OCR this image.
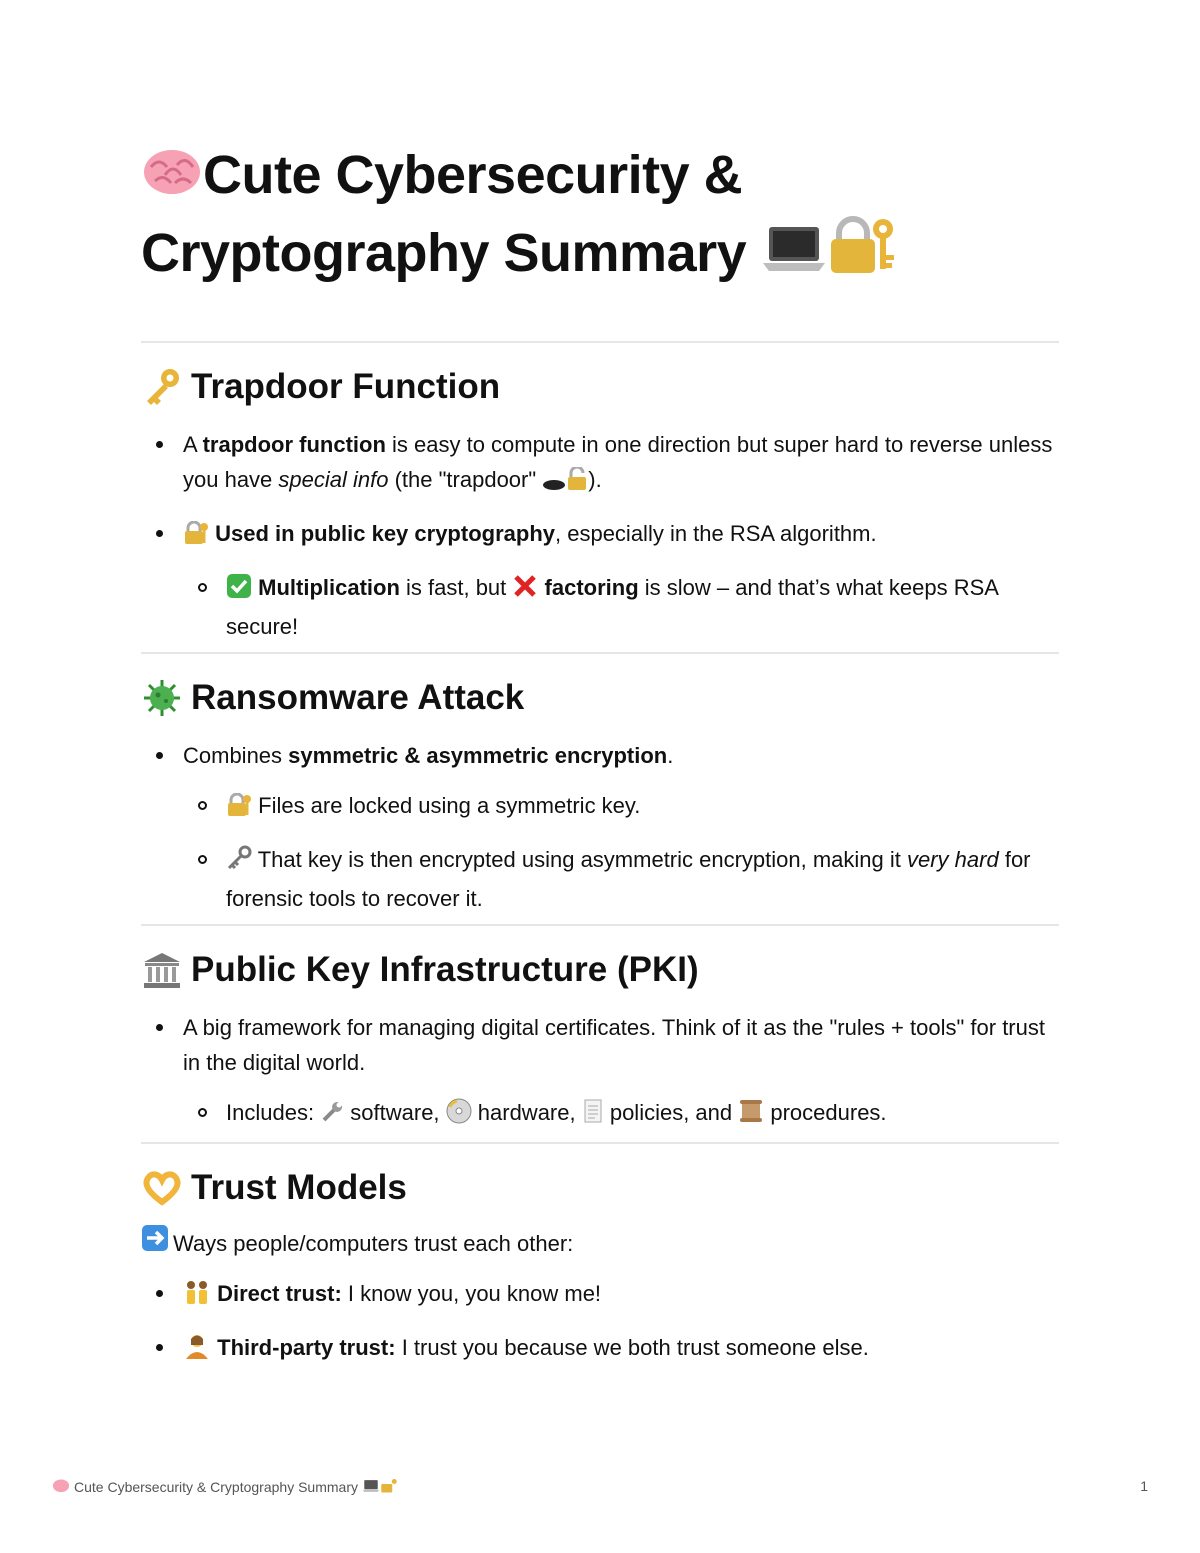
Cute Cybersecurity &
Cryptography Summary
Trapdoor Function
A trapdoor function is easy to compute in one direction but super hard to reverse unless you have special info (the "trapdoor" ).
Used in public key cryptography, especially in the RSA algorithm.
Multiplication is fast, but  factoring is slow – and that’s what keeps RSA secure!
Ransomware Attack
Combines symmetric & asymmetric encryption.
Files are locked using a symmetric key.
That key is then encrypted using asymmetric encryption, making it very hard for forensic tools to recover it.
Public Key Infrastructure (PKI)
A big framework for managing digital certificates. Think of it as the "rules + tools" for trust in the digital world.
Includes:  software,  hardware,  policies, and  procedures.
Trust Models

Ways people/computers trust each other:

Direct trust: I know you, you know me!
Third-party trust: I trust you because we both trust someone else.
Cute Cybersecurity & Cryptography Summary	1
